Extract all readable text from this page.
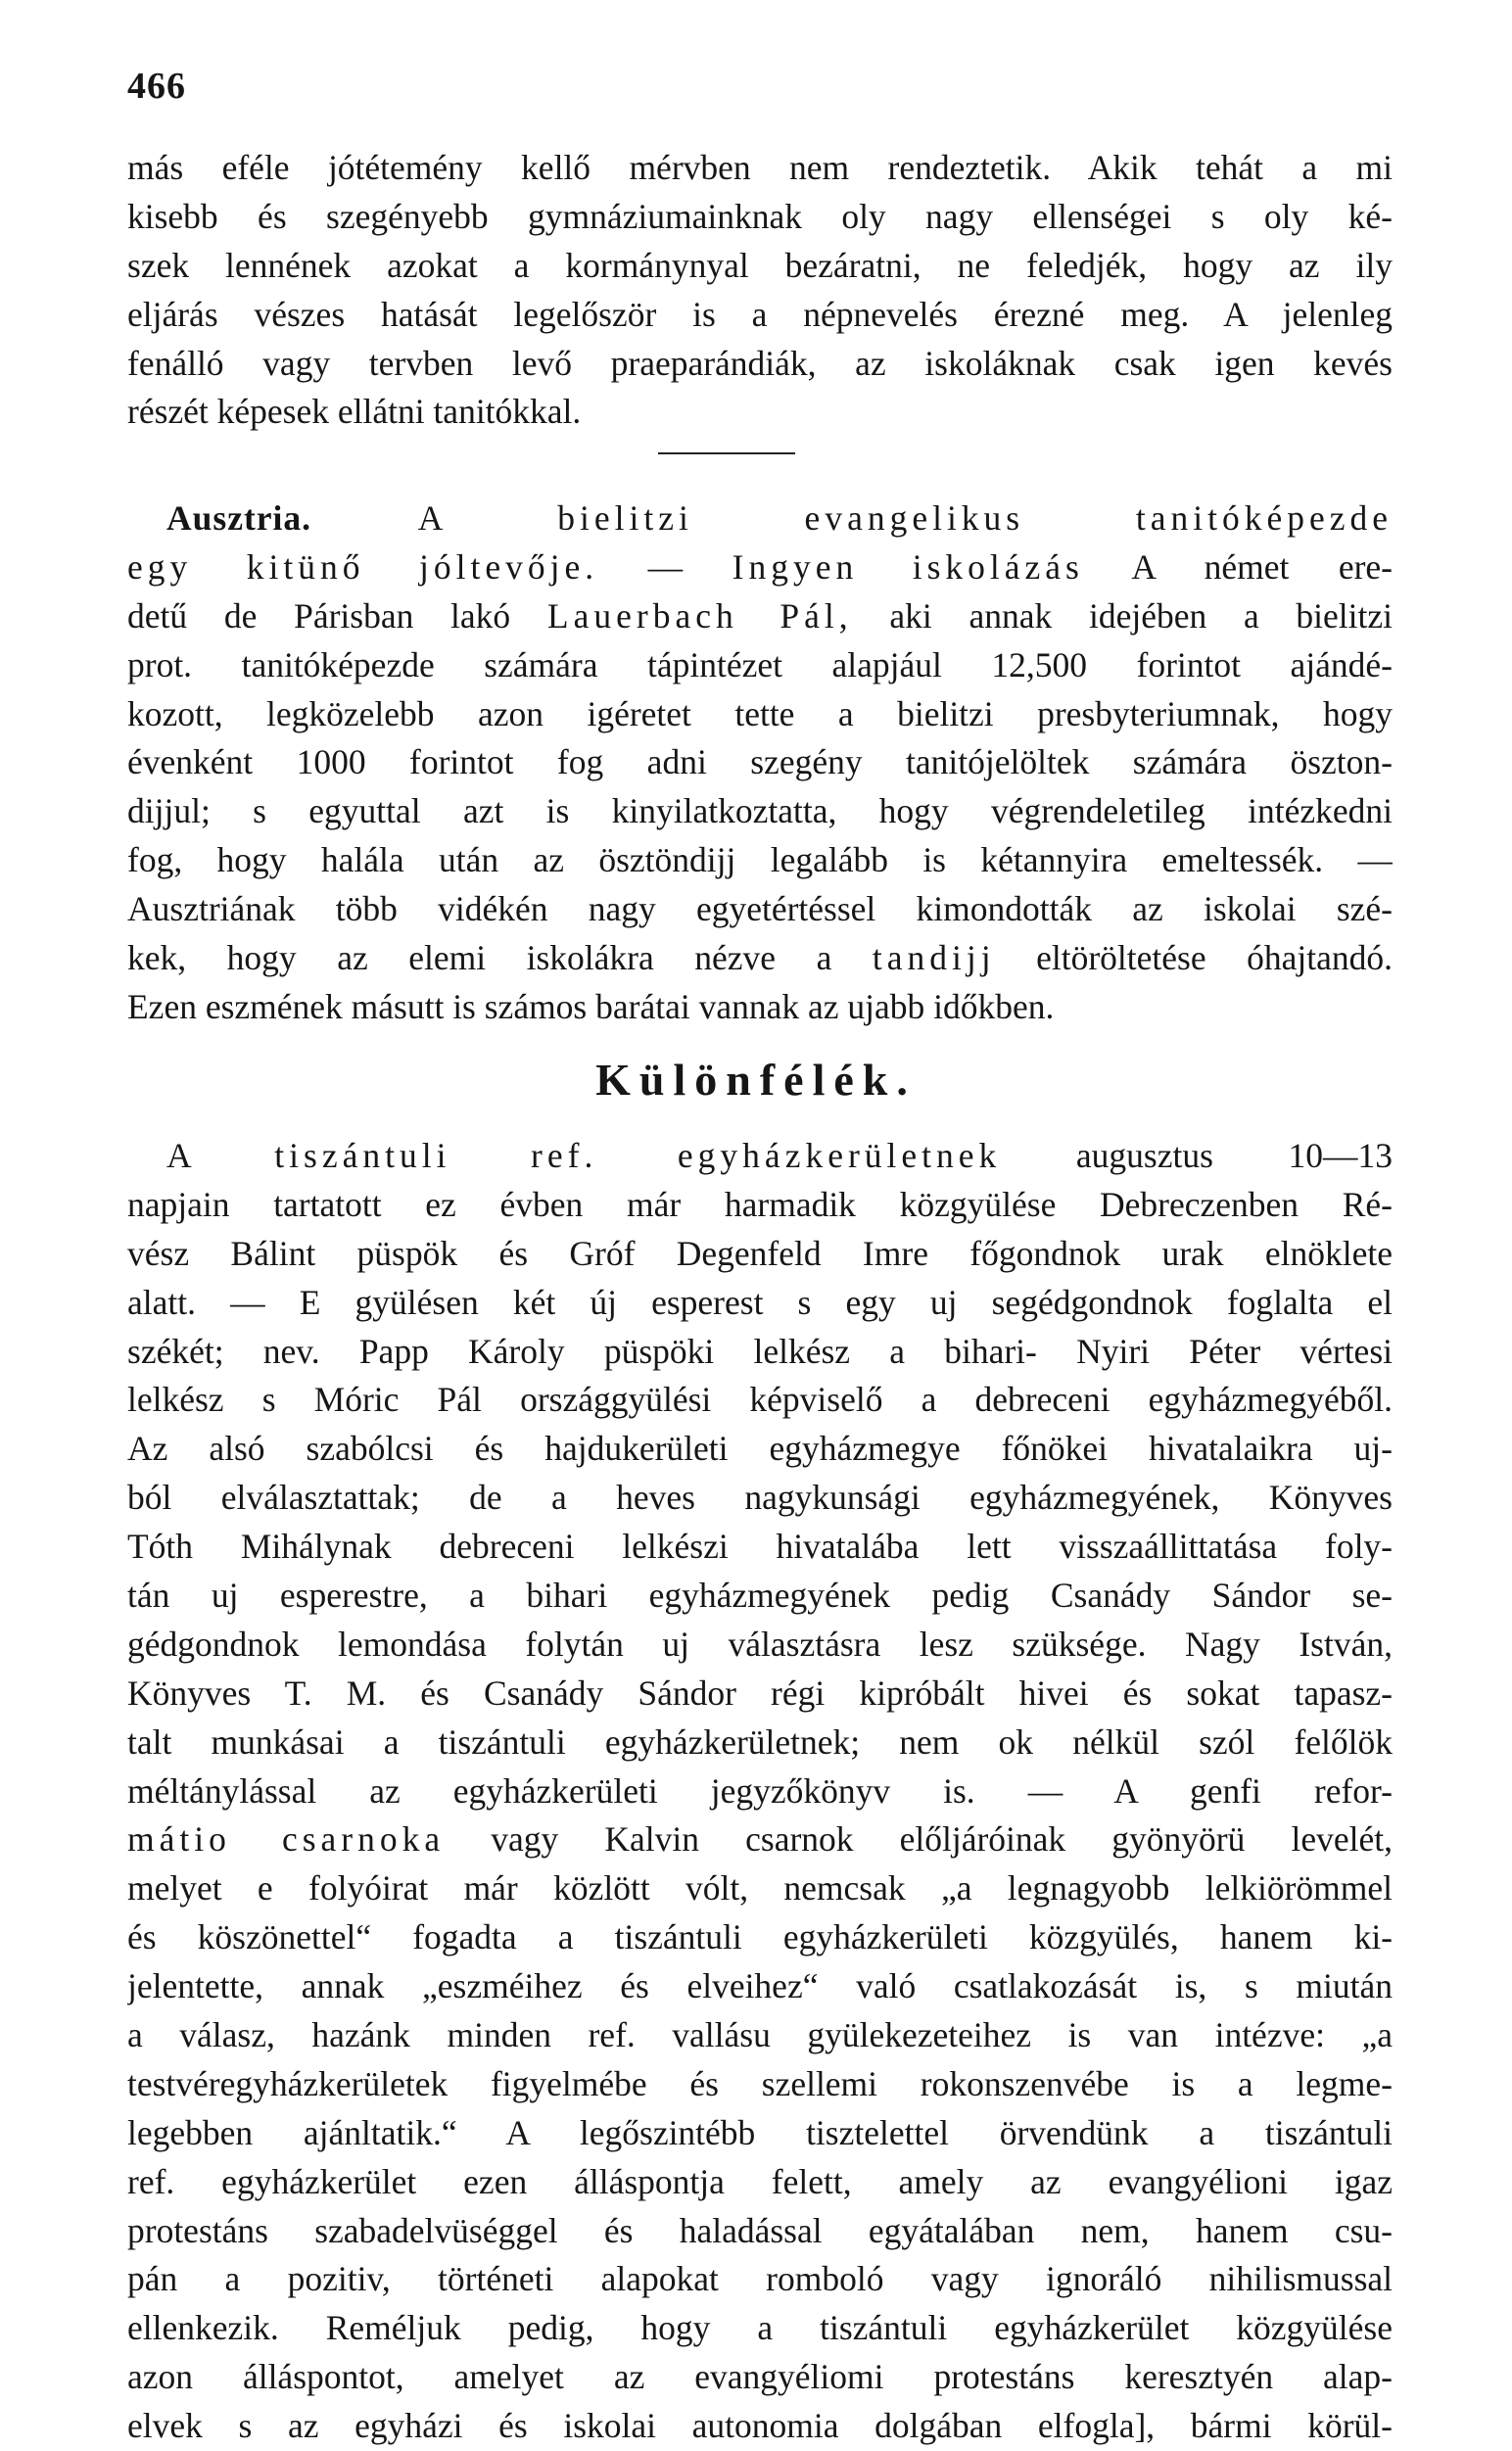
466
más eféle jótétemény kellő mérvben nem rendeztetik. Akik tehát a mi
kisebb és szegényebb gymnáziumainknak oly nagy ellenségei s oly ké-
szek lennének azokat a kormánynyal bezáratni, ne feledjék, hogy az ily
eljárás vészes hatását legelőször is a népnevelés érezné meg. A jelenleg
fenálló vagy tervben levő praeparándiák, az iskoláknak csak igen kevés
részét képesek ellátni tanitókkal.
Ausztria.	A bielitzi evangelikus tanitóképezde
egy kitünő jóltevője. — Ingyen iskolázás A német ere-
detű de Párisban lakó Lauerbach Pál, aki annak idejében a bielitzi
prot. tanitóképezde számára tápintézet alapjául 12,500 forintot ajándé-
kozott, legközelebb azon igéretet tette a bielitzi presbyteriumnak, hogy
évenként 1000 forintot fog adni szegény tanitójelöltek számára öszton-
dijjul; s egyuttal azt is kinyilatkoztatta, hogy végrendeletileg intézkedni
fog, hogy halála után az ösztöndijj legalább is kétannyira emeltessék. —
Ausztriának több vidékén nagy egyetértéssel kimondották az iskolai szé-
kek, hogy az elemi iskolákra nézve a tandijj eltöröltetése óhajtandó.
Ezen eszmének másutt is számos barátai vannak az ujabb időkben.
Különfélék.
A tiszántuli ref. egyházkerületnek augusztus 10—13
napjain tartatott ez évben már harmadik közgyülése Debreczenben Ré-
vész Bálint püspök és Gróf Degenfeld Imre főgondnok urak elnöklete
alatt. — E gyülésen két új esperest s egy uj segédgondnok foglalta el
székét; nev. Papp Károly püspöki lelkész a bihari- Nyiri Péter vértesi
lelkész s Móric Pál országgyülési képviselő a debreceni egyházmegyéből.
Az alsó szabólcsi és hajdukerületi egyházmegye főnökei hivatalaikra uj-
ból elválasztattak; de a heves nagykunsági egyházmegyének, Könyves
Tóth Mihálynak debreceni lelkészi hivatalába lett visszaállittatása foly-
tán uj esperestre, a bihari egyházmegyének pedig Csanády Sándor se-
gédgondnok lemondása folytán uj választásra lesz szüksége. Nagy István,
Könyves T. M. és Csanády Sándor régi kipróbált hivei és sokat tapasz-
talt munkásai a tiszántuli egyházkerületnek; nem ok nélkül szól felőlök
méltánylással az egyházkerületi jegyzőkönyv is. — A genfi refor-
mátio csarnoka vagy Kalvin csarnok előljáróinak gyönyörü levelét,
melyet e folyóirat már közlött vólt, nemcsak „a legnagyobb lelkiörömmel
és köszönettel“ fogadta a tiszántuli egyházkerületi közgyülés, hanem ki-
jelentette, annak „eszméihez és elveihez“ való csatlakozását is, s miután
a válasz, hazánk minden ref. vallásu gyülekezeteihez is van intézve: „a
testvéregyházkerületek figyelmébe és szellemi rokonszenvébe is a legme-
legebben ajánltatik.“ A legőszintébb tisztelettel örvendünk a tiszántuli
ref. egyházkerület ezen álláspontja felett, amely az evangyélioni igaz
protestáns szabadelvüséggel és haladással egyátalában nem, hanem csu-
pán a pozitiv, történeti alapokat romboló vagy ignoráló nihilismussal
ellenkezik. Reméljuk pedig, hogy a tiszántuli egyházkerület közgyülése
azon álláspontot, amelyet az evangyéliomi protestáns keresztyén alap-
elvek s az egyházi és iskolai autonomia dolgában elfogla], bármi körül-
